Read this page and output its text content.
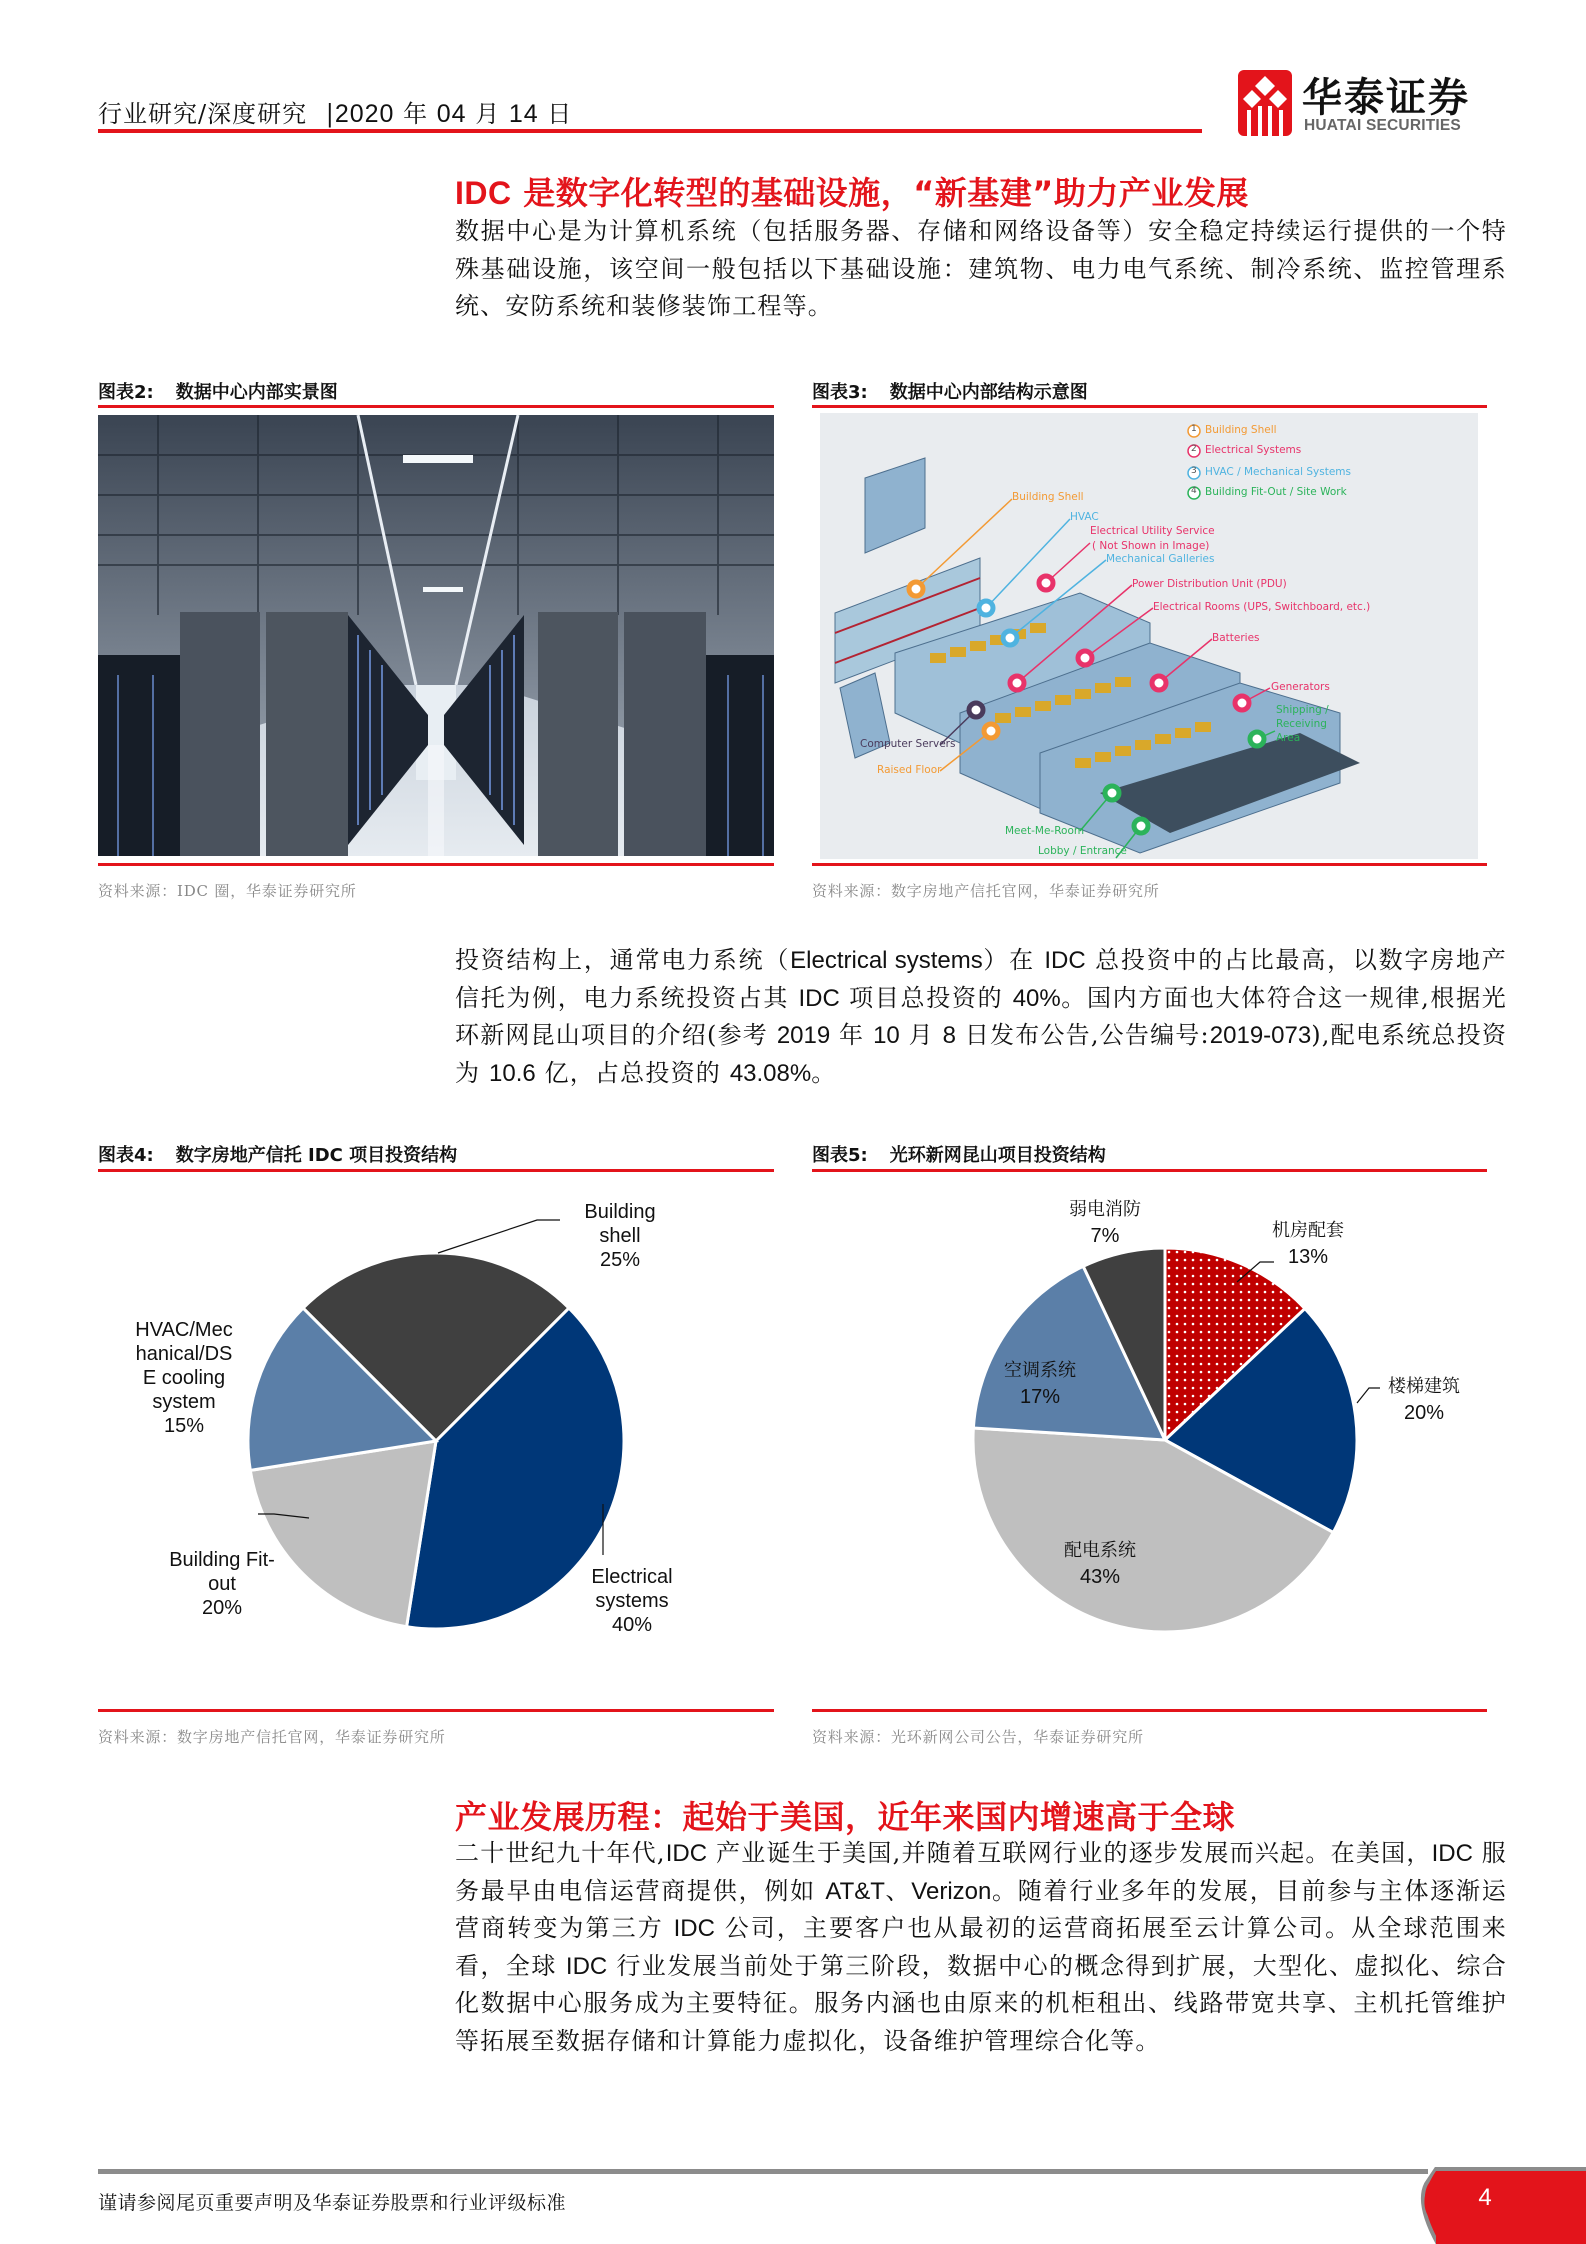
行业研究/深度研究 |2020 年 04 月 14 日	华泰证券
HUATAI SECURITIES
IDC 是数字化转型的基础设施，“新基建”助力产业发展
数据中心是为计算机系统（包括服务器、存储和网络设备等）安全稳定持续运行提供的一个特殊基础设施，该空间一般包括以下基础设施：建筑物、电力电气系统、制冷系统、监控管理系统、安防系统和装修装饰工程等。
图表2: 数据中心内部实景图
资料来源：IDC 圈，华泰证券研究所
图表3: 数据中心内部结构示意图
1 Building Shell
2 Electrical Systems
3 HVAC / Mechanical Systems
4 Building Fit-Out / Site Work
Building Shell
HVAC
Electrical Utility Service
( Not Shown in Image)
Mechanical Galleries
Power Distribution Unit (PDU)
Electrical Rooms (UPS, Switchboard, etc.)
Batteries
Generators
Shipping /
Receiving
Area
Computer Servers
Raised Floor
Meet-Me-Room
Lobby / Entrance
资料来源：数字房地产信托官网，华泰证券研究所
投资结构上，通常电力系统（Electrical systems）在 IDC 总投资中的占比最高，以数字房地产信托为例，电力系统投资占其 IDC 项目总投资的 40%。国内方面也大体符合这一规律,根据光环新网昆山项目的介绍(参考 2019 年 10 月 8 日发布公告,公告编号:2019-073),配电系统总投资为 10.6 亿，占总投资的 43.08%。
图表4: 数字房地产信托 IDC 项目投资结构
Building
shell
25%
Electrical
systems
40%
Building Fit-
out
20%
HVAC/Mec
hanical/DS
E cooling
system
15%
资料来源：数字房地产信托官网，华泰证券研究所
图表5: 光环新网昆山项目投资结构
机房配套
13%
楼梯建筑
20%
配电系统
43%
空调系统
17%
弱电消防
7%
资料来源：光环新网公司公告，华泰证券研究所
产业发展历程：起始于美国，近年来国内增速高于全球
二十世纪九十年代,IDC 产业诞生于美国,并随着互联网行业的逐步发展而兴起。在美国，IDC 服务最早由电信运营商提供，例如 AT&T、Verizon。随着行业多年的发展，目前参与主体逐渐运营商转变为第三方 IDC 公司，主要客户也从最初的运营商拓展至云计算公司。从全球范围来看，全球 IDC 行业发展当前处于第三阶段，数据中心的概念得到扩展，大型化、虚拟化、综合化数据中心服务成为主要特征。服务内涵也由原来的机柜租出、线路带宽共享、主机托管维护等拓展至数据存储和计算能力虚拟化，设备维护管理综合化等。
谨请参阅尾页重要声明及华泰证券股票和行业评级标准	4
